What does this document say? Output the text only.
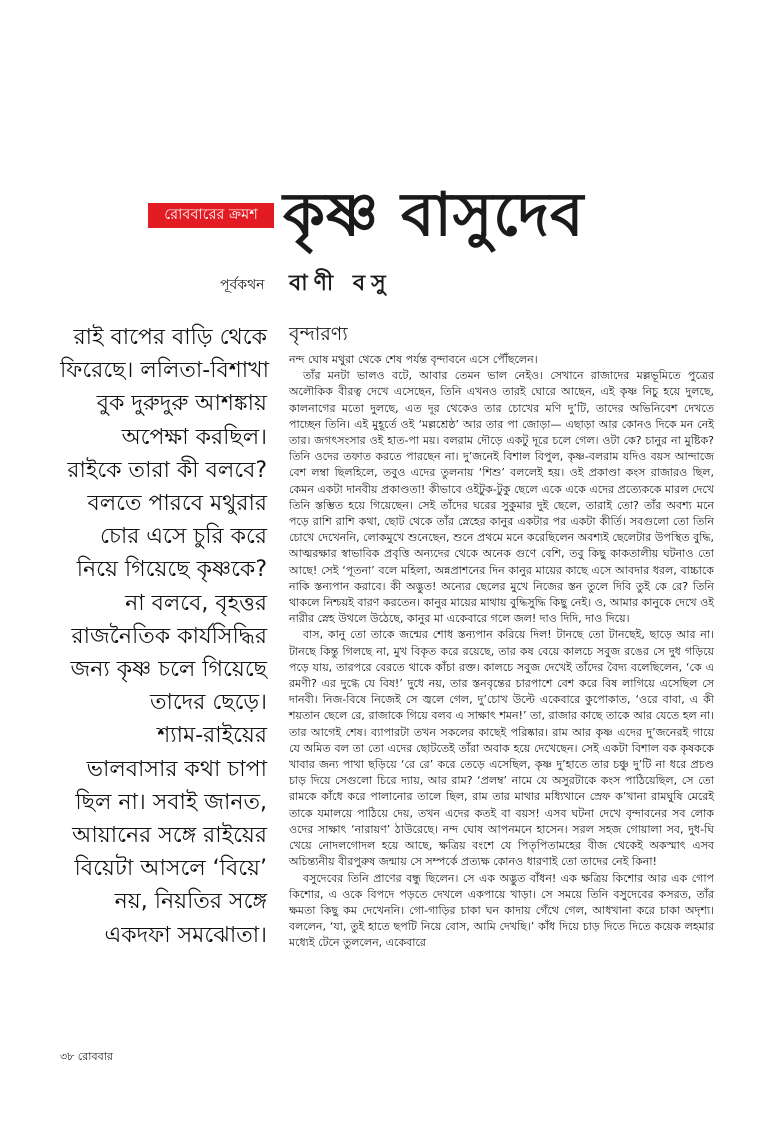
রোববারের ক্রমশ কৃষ্ণ বাসুদেব
পূর্বকথন বাণী বসু
রাই বাপের বাড়ি থেকে
ফিরেছে। ললিতা-বিশাখা
বুক দুরুদুরু আশঙ্কায়
অপেক্ষা করছিল।
রাইকে তারা কী বলবে?
বলতে পারবে মথুরার
চোর এসে চুরি করে
নিয়ে গিয়েছে কৃষ্ণকে?
না বলবে, বৃহত্তর
রাজনৈতিক কার্যসিদ্ধির
জন্য কৃষ্ণ চলে গিয়েছে
তাদের ছেড়ে।
শ্যাম-রাইয়ের
ভালবাসার কথা চাপা
ছিল না। সবাই জানত,
আয়ানের সঙ্গে রাইয়ের
বিয়েটা আসলে ‘বিয়ে’
নয়, নিয়তির সঙ্গে
একদফা সমঝোতা।
বৃন্দারণ্য

নন্দ ঘোষ মথুরা থেকে শেষ পর্যন্ত বৃন্দাবনে এসে পৌঁছলেন।

তাঁর মনটা ভালও বটে, আবার তেমন ভাল নেইও। সেখানে রাজাদের মল্লভূমিতে পুত্রের অলৌকিক বীরত্ব দেখে এসেছেন, তিনি এখনও তারই ঘোরে আছেন, এই কৃষ্ণ নিচু হয়ে দুলছে, কালনাগের মতো দুলছে, এত দূর থেকেও তার চোখের মণি দু’টি, তাদের অভিনিবেশ দেখতে পাচ্ছেন তিনি। এই মুহূর্তে ওই ‘মল্লশ্রেষ্ঠ’ আর তার পা জোড়া— এছাড়া আর কোনও দিকে মন নেই তার। জগৎসংসার ওই হাত-পা ময়। বলরাম দৌড়ে একটু দূরে চলে গেল। ওটা কে? চানুর না মুষ্টিক? তিনি ওদের তফাত করতে পারছেন না। দু’জনেই বিশাল বিপুল, কৃষ্ণ-বলরাম যদিও বয়স আন্দাজে বেশ লম্বা ছিলহিলে, তবুও এদের তুলনায় ‘শিশু’ বললেই হয়। ওই প্রকাণ্ডা কংস রাজারও ছিল, কেমন একটা দানবীয় প্রকাণ্ডতা! কীভাবে ওইটুক-টুকু ছেলে একে একে এদের প্রত্যেককে মারল দেখে তিনি স্তম্ভিত হয়ে গিয়েছেন। সেই তাঁদের ঘরের সুকুমার দুই ছেলে, তারাই তো? তাঁর অবশ্য মনে পড়ে রাশি রাশি কথা, ছোট থেকে তাঁর স্নেহের কানুর একটার পর একটা কীর্তি। সবগুলো তো তিনি চোখে দেখেননি, লোকমুখে শুনেছেন, শুনে প্রথমে মনে করেছিলেন অবশ্যই ছেলেটার উপস্থিত বুদ্ধি, আত্মরক্ষার স্বাভাবিক প্রবৃত্তি অন্যদের থেকে অনেক গুণে বেশি, তবু কিছু কাকতালীয় ঘটনাও তো আছে! সেই ‘পূতনা’ বলে মহিলা, অন্নপ্রাশনের দিন কানুর মায়ের কাছে এসে আবদার ধরল, বাচ্চাকে নাকি স্তন্যপান করাবে। কী অদ্ভুত! অন্যের ছেলের মুখে নিজের স্তন তুলে দিবি তুই কে রে? তিনি থাকলে নিশ্চয়ই বারণ করতেন। কানুর মায়ের মাথায় বুদ্ধিসুদ্ধি কিছু নেই। ও, আমার কানুকে দেখে ওই নারীর স্নেহ উথলে উঠেছে, কানুর মা একেবারে গলে জল! দাও দিদি, দাও দিয়ে।

বাস, কানু তো তাকে জন্মের শোধ স্তন্যপান করিয়ে দিল! টানছে তো টানছেই, ছাড়ে আর না। টানছে কিন্তু গিলছে না, মুখ বিকৃত করে রয়েছে, তার কষ বেয়ে কালচে সবুজ রঙের সে দুধ গড়িয়ে পড়ে যায়, তারপরে বেরতে থাকে কাঁচা রক্ত। কালচে সবুজ দেখেই তাঁদের বৈদ্য বলেছিলেন, ‘কে এ রমণী? এর দুগ্ধে যে বিষ!’ দুধে নয়, তার স্তনবৃন্তের চারপাশে বেশ করে বিষ লাগিয়ে এসেছিল সে দানবী। নিজ-বিষে নিজেই সে জ্বলে গেল, দু’চোখ উল্টে একেবারে কুপোকাত, ‘ওরে বাবা, এ কী শয়তান ছেলে রে, রাজাকে গিয়ে বলব এ সাক্ষাৎ শমন!’ তা, রাজার কাছে তাকে আর যেতে হল না। তার আগেই শেষ। ব্যাপারটা তখন সকলের কাছেই পরিষ্কার। রাম আর কৃষ্ণ এদের দু’জনেরই গায়ে যে অমিত বল তা তো এদের ছোটতেই তাঁরা অবাক হয়ে দেখেছেন। সেই একটা বিশাল বক কৃষককে খাবার জন্য পাখা ছড়িয়ে ‘রে রে’ করে তেড়ে এসেছিল, কৃষ্ণ দু’হাতে তার চঞ্চু দু’টি না ধরে প্রচণ্ড চাড় দিয়ে সেগুলো চিরে দ্যায়, আর রাম? ‘প্রলম্ব’ নামে যে অসুরটাকে কংস পাঠিয়েছিল, সে তো রামকে কাঁধে করে পালানোর তালে ছিল, রাম তার মাথার মধ্যিখানে স্রেফ ক’খানা রামঘুষি মেরেই তাকে যমালয়ে পাঠিয়ে দেয়, তখন এদের কতই বা বয়স! এসব ঘটনা দেখে বৃন্দাবনের সব লোক ওদের সাক্ষাৎ ‘নারায়ণ’ ঠাউরেছে। নন্দ ঘোষ আপনমনে হাসেন। সরল সহজ গোয়ালা সব, দুধ-ঘি খেয়ে নোদলগোদল হয়ে আছে, ক্ষত্রিয় বংশে যে পিতৃপিতামহের বীজ থেকেই অকস্মাৎ এসব অচিন্ত্যনীয় বীরপুরুষ জন্মায় সে সম্পর্কে প্রত্যক্ষ কোনও ধারণাই তো তাদের নেই কিনা!

বসুদেবের তিনি প্রাণের বন্ধু ছিলেন। সে এক অদ্ভুত বাঁধন! এক ক্ষত্রিয় কিশোর আর এক গোপ কিশোর, এ ওকে বিপদে পড়তে দেখলে একপায়ে খাড়া। সে সময়ে তিনি বসুদেবের কসরত, তাঁর ক্ষমতা কিছু কম দেখেননি। গো-গাড়ির চাকা ঘন কাদায় গেঁথে গেল, আধখানা করে চাকা অদৃশ্য। বললেন, ‘যা, তুই হাতে ছপটি নিয়ে বোস, আমি দেখছি।’ কাঁধ দিয়ে চাড় দিতে দিতে কয়েক লহমার মধ্যেই টেনে তুললেন, একেবারে

৩৮ রোববার
